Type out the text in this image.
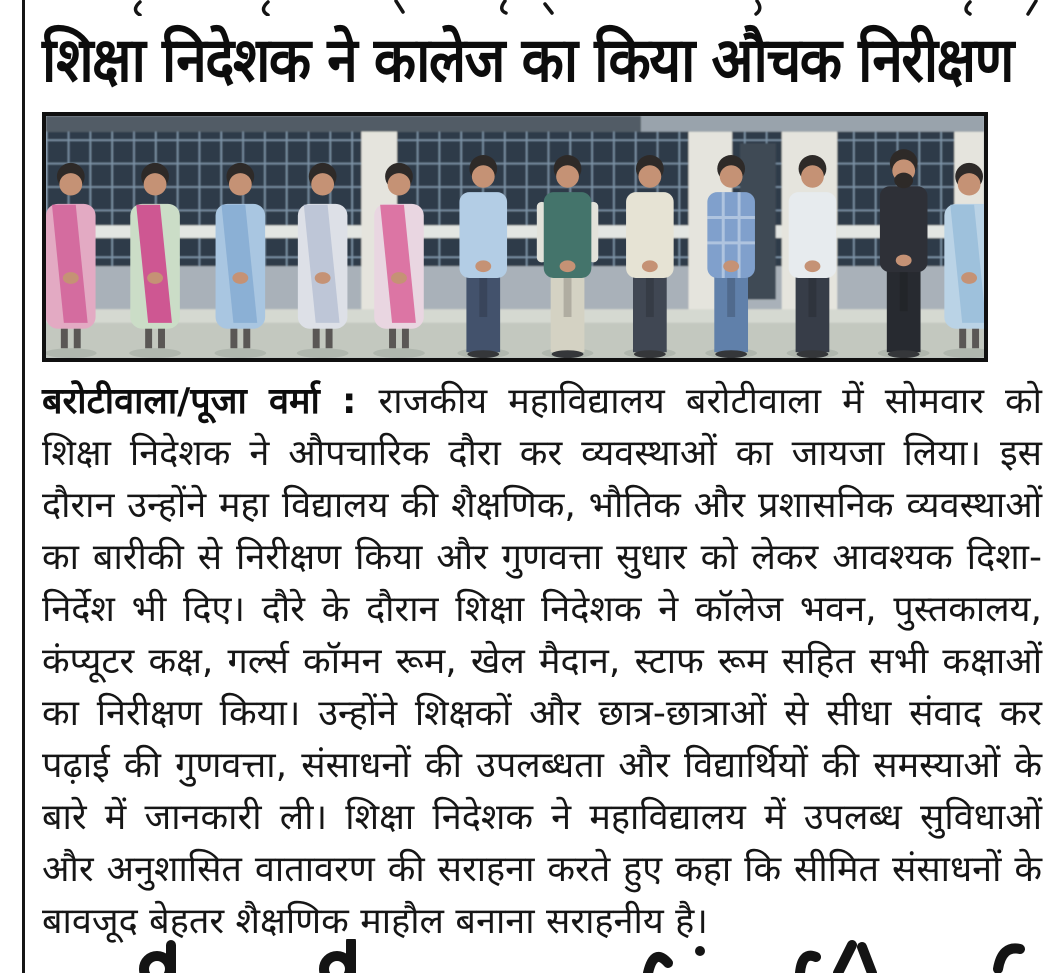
शिक्षा निदेशक ने कालेज का किया औचक निरीक्षण
बरोटीवाला/पूजा वर्मा : राजकीय महाविद्यालय बरोटीवाला में सोमवार को
शिक्षा निदेशक ने औपचारिक दौरा कर व्यवस्थाओं का जायजा लिया। इस
दौरान उन्होंने महा विद्यालय की शैक्षणिक, भौतिक और प्रशासनिक व्यवस्थाओं
का बारीकी से निरीक्षण किया और गुणवत्ता सुधार को लेकर आवश्यक दिशा-
निर्देश भी दिए। दौरे के दौरान शिक्षा निदेशक ने कॉलेज भवन, पुस्तकालय,
कंप्यूटर कक्ष, गर्ल्स कॉमन रूम, खेल मैदान, स्टाफ रूम सहित सभी कक्षाओं
का निरीक्षण किया। उन्होंने शिक्षकों और छात्र-छात्राओं से सीधा संवाद कर
पढ़ाई की गुणवत्ता, संसाधनों की उपलब्धता और विद्यार्थियों की समस्याओं के
बारे में जानकारी ली। शिक्षा निदेशक ने महाविद्यालय में उपलब्ध सुविधाओं
और अनुशासित वातावरण की सराहना करते हुए कहा कि सीमित संसाधनों के
बावजूद बेहतर शैक्षणिक माहौल बनाना सराहनीय है।
